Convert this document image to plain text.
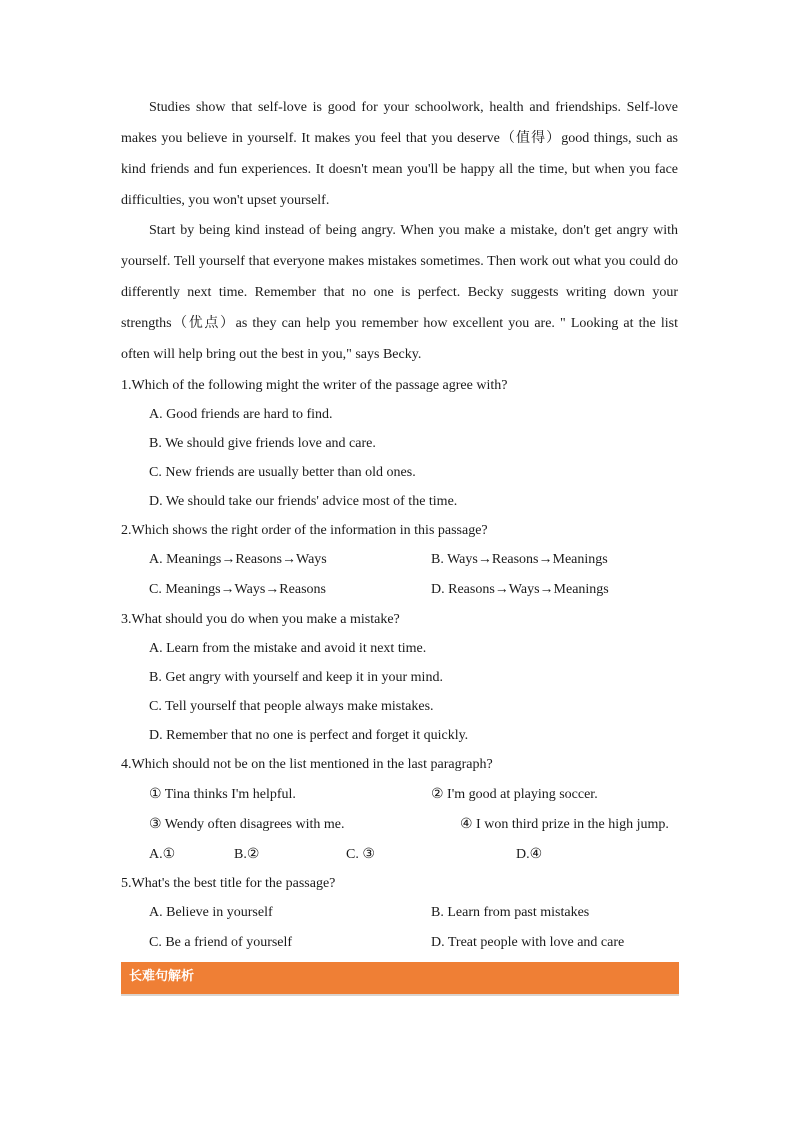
Studies show that self-love is good for your schoolwork, health and friendships. Self-love makes you believe in yourself. It makes you feel that you deserve（值得）good things, such as kind friends and fun experiences. It doesn't mean you'll be happy all the time, but when you face difficulties, you won't upset yourself.

Start by being kind instead of being angry. When you make a mistake, don't get angry with yourself. Tell yourself that everyone makes mistakes sometimes. Then work out what you could do differently next time. Remember that no one is perfect. Becky suggests writing down your strengths（优点）as they can help you remember how excellent you are. " Looking at the list often will help bring out the best in you," says Becky.

1.Which of the following might the writer of the passage agree with?
A. Good friends are hard to find.
B. We should give friends love and care.
C. New friends are usually better than old ones.
D. We should take our friends' advice most of the time.
2.Which shows the right order of the information in this passage?
A. Meanings→Reasons→Ways	B. Ways→Reasons→Meanings
C. Meanings→Ways→Reasons	D. Reasons→Ways→Meanings
3.What should you do when you make a mistake?
A. Learn from the mistake and avoid it next time.
B. Get angry with yourself and keep it in your mind.
C. Tell yourself that people always make mistakes.
D. Remember that no one is perfect and forget it quickly.
4.Which should not be on the list mentioned in the last paragraph?
① Tina thinks I'm helpful.	② I'm good at playing soccer.
③ Wendy often disagrees with me.	④ I won third prize in the high jump.
A.①	B.②	C. ③	D.④
5.What's the best title for the passage?
A. Believe in yourself	B. Learn from past mistakes
C. Be a friend of yourself	D. Treat people with love and care
长难句解析
